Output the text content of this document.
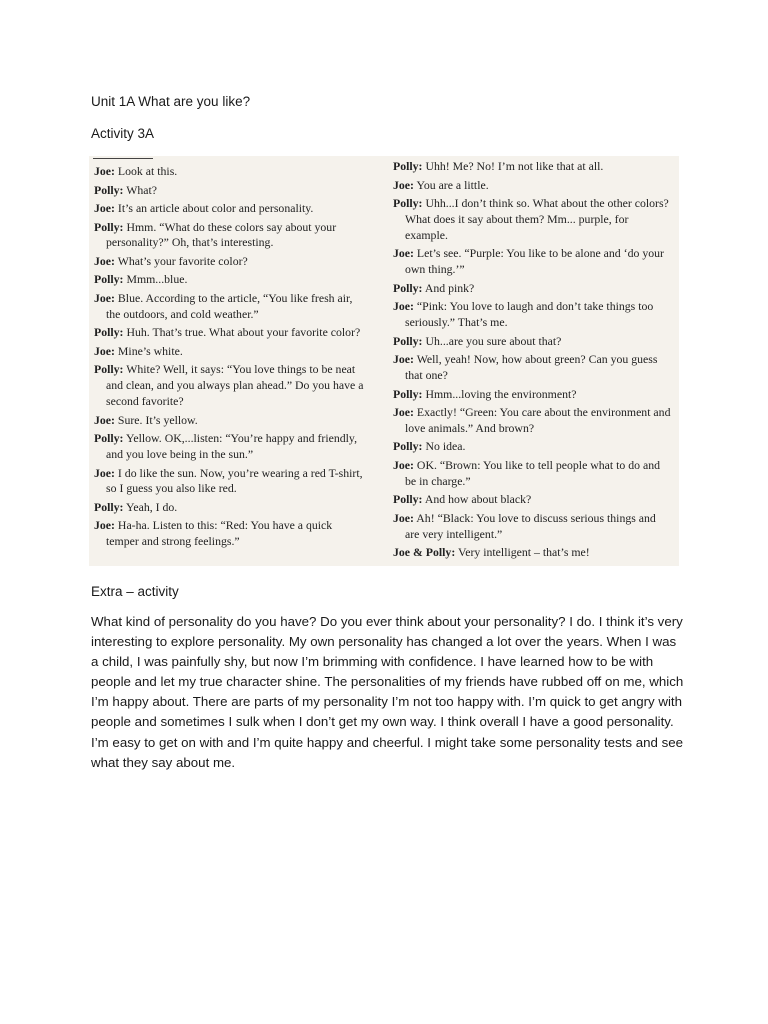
Unit 1A What are you like?
Activity 3A

Joe: Look at this.

Polly: What?

Joe: It’s an article about color and personality.

Polly: Hmm. “What do these colors say about your personality?” Oh, that’s interesting.

Joe: What’s your favorite color?

Polly: Mmm...blue.

Joe: Blue. According to the article, “You like fresh air, the outdoors, and cold weather.”

Polly: Huh. That’s true. What about your favorite color?

Joe: Mine’s white.

Polly: White? Well, it says: “You love things to be neat and clean, and you always plan ahead.” Do you have a second favorite?

Joe: Sure. It’s yellow.

Polly: Yellow. OK,...listen: “You’re happy and friendly, and you love being in the sun.”

Joe: I do like the sun. Now, you’re wearing a red T-shirt, so I guess you also like red.

Polly: Yeah, I do.

Joe: Ha-ha. Listen to this: “Red: You have a quick temper and strong feelings.”

Polly: Uhh! Me? No! I’m not like that at all.

Joe: You are a little.

Polly: Uhh...I don’t think so. What about the other colors? What does it say about them? Mm... purple, for example.

Joe: Let’s see. “Purple: You like to be alone and ‘do your own thing.’”

Polly: And pink?

Joe: “Pink: You love to laugh and don’t take things too seriously.” That’s me.

Polly: Uh...are you sure about that?

Joe: Well, yeah! Now, how about green? Can you guess that one?

Polly: Hmm...loving the environment?

Joe: Exactly! “Green: You care about the environment and love animals.” And brown?

Polly: No idea.

Joe: OK. “Brown: You like to tell people what to do and be in charge.”

Polly: And how about black?

Joe: Ah! “Black: You love to discuss serious things and are very intelligent.”

Joe & Polly: Very intelligent – that’s me!

Extra – activity

What kind of personality do you have? Do you ever think about your personality? I do. I think it’s very interesting to explore personality. My own personality has changed a lot over the years. When I was a child, I was painfully shy, but now I’m brimming with confidence. I have learned how to be with people and let my true character shine. The personalities of my friends have rubbed off on me, which I’m happy about. There are parts of my personality I’m not too happy with. I’m quick to get angry with people and sometimes I sulk when I don’t get my own way. I think overall I have a good personality. I’m easy to get on with and I’m quite happy and cheerful. I might take some personality tests and see what they say about me.
